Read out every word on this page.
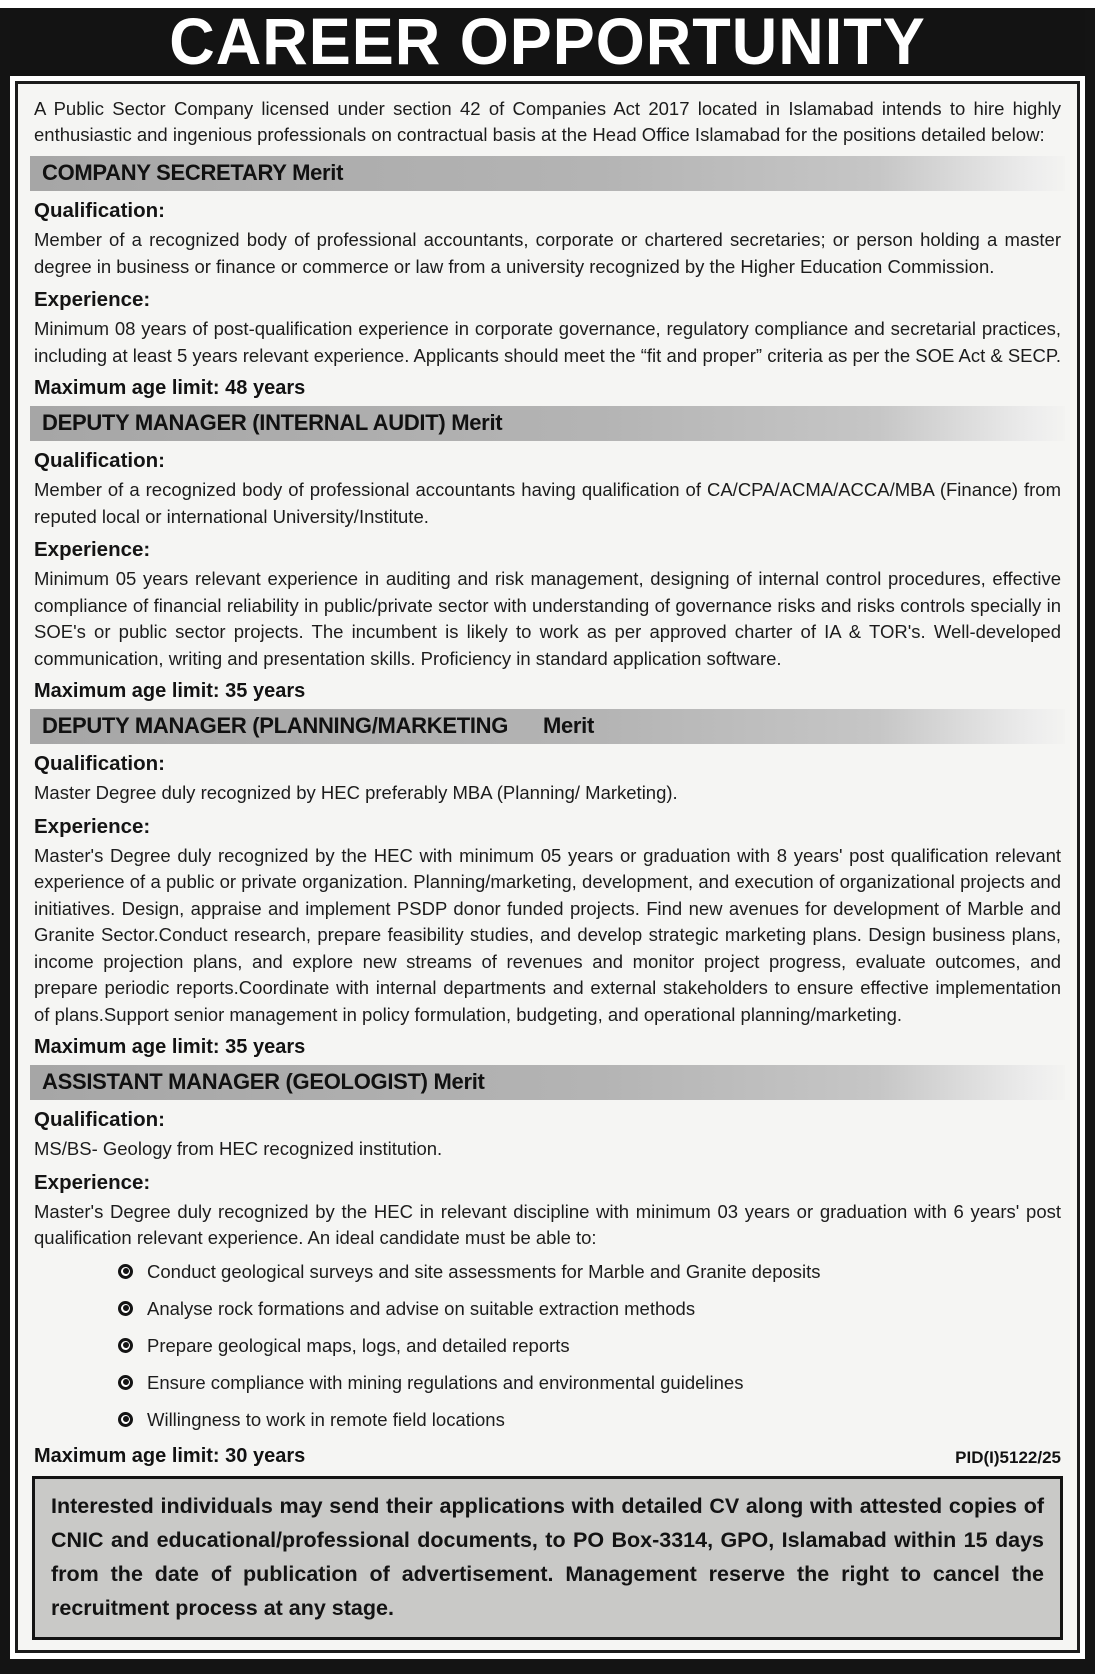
CAREER OPPORTUNITY

A Public Sector Company licensed under section 42 of Companies Act 2017 located in Islamabad intends to hire highly enthusiastic and ingenious professionals on contractual basis at the Head Office Islamabad for the positions detailed below:

COMPANY SECRETARY Merit
Qualification:

Member of a recognized body of professional accountants, corporate or chartered secretaries; or person holding a master degree in business or finance or commerce or law from a university recognized by the Higher Education Commission.

Experience:

Minimum 08 years of post-qualification experience in corporate governance, regulatory compliance and secretarial practices, including at least 5 years relevant experience. Applicants should meet the “fit and proper” criteria as per the SOE Act & SECP.

Maximum age limit: 48 years
DEPUTY MANAGER (INTERNAL AUDIT) Merit
Qualification:

Member of a recognized body of professional accountants having qualification of CA/CPA/ACMA/ACCA/MBA (Finance) from reputed local or international University/Institute.

Experience:

Minimum 05 years relevant experience in auditing and risk management, designing of internal control procedures, effective compliance of financial reliability in public/private sector with understanding of governance risks and risks controls specially in SOE's or public sector projects. The incumbent is likely to work as per approved charter of IA & TOR's. Well-developed communication, writing and presentation skills. Proficiency in standard application software.

Maximum age limit: 35 years
DEPUTY MANAGER (PLANNING/MARKETING      Merit
Qualification:

Master Degree duly recognized by HEC preferably MBA (Planning/ Marketing).

Experience:

Master's Degree duly recognized by the HEC with minimum 05 years or graduation with 8 years' post qualification relevant experience of a public or private organization. Planning/marketing, development, and execution of organizational projects and initiatives. Design, appraise and implement PSDP donor funded projects. Find new avenues for development of Marble and Granite Sector.Conduct research, prepare feasibility studies, and develop strategic marketing plans. Design business plans, income projection plans, and explore new streams of revenues and monitor project progress, evaluate outcomes, and prepare periodic reports.Coordinate with internal departments and external stakeholders to ensure effective implementation of plans.Support senior management in policy formulation, budgeting, and operational planning/marketing.

Maximum age limit: 35 years
ASSISTANT MANAGER (GEOLOGIST) Merit
Qualification:

MS/BS- Geology from HEC recognized institution.

Experience:

Master's Degree duly recognized by the HEC in relevant discipline with minimum 03 years or graduation with 6 years' post qualification relevant experience. An ideal candidate must be able to:

Conduct geological surveys and site assessments for Marble and Granite deposits
Analyse rock formations and advise on suitable extraction methods
Prepare geological maps, logs, and detailed reports
Ensure compliance with mining regulations and environmental guidelines
Willingness to work in remote field locations
Maximum age limit: 30 years	PID(I)5122/25
Interested individuals may send their applications with detailed CV along with attested copies of CNIC and educational/professional documents, to PO Box-3314, GPO, Islamabad within 15 days from the date of publication of advertisement. Management reserve the right to cancel the recruitment process at any stage.
